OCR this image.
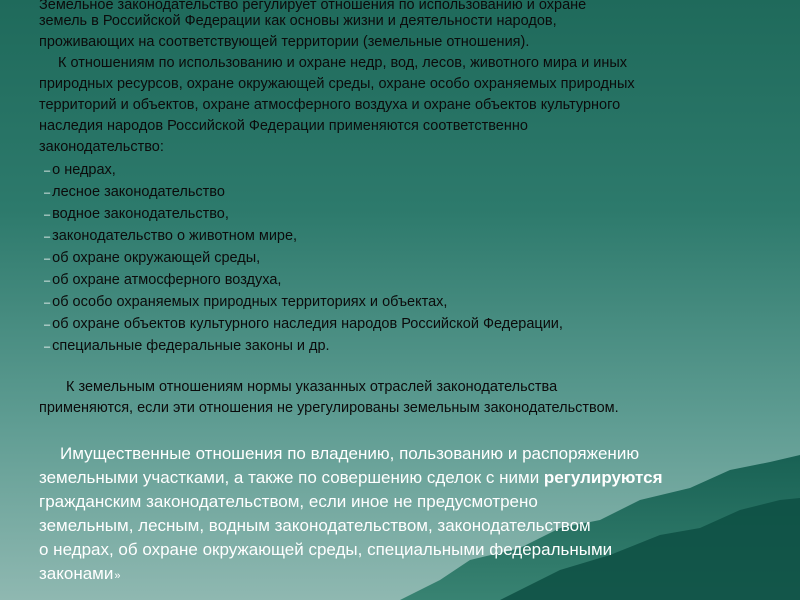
Земельное законодательство регулирует отношения по использованию и охране
земель в Российской Федерации как основы жизни и деятельности народов,
проживающих на соответствующей территории (земельные отношения).
К отношениям по использованию и охране недр, вод, лесов, животного мира и иных
природных ресурсов, охране окружающей среды, охране особо охраняемых природных
территорий и объектов, охране атмосферного воздуха и охране объектов культурного
наследия народов Российской Федерации применяются соответственно
законодательство:
– о недрах,
– лесное законодательство
– водное законодательство,
– законодательство о животном мире,
– об охране окружающей среды,
– об охране атмосферного воздуха,
– об особо охраняемых природных территориях и объектах,
– об охране объектов культурного наследия народов Российской Федерации,
– специальные федеральные законы и др.
К земельным отношениям нормы указанных отраслей законодательства
применяются, если эти отношения не урегулированы земельным законодательством.
Имущественные отношения по владению, пользованию и распоряжению
земельными участками, а также по совершению сделок с ними регулируются
гражданским законодательством, если иное не предусмотрено
земельным, лесным, водным законодательством, законодательством
о недрах, об охране окружающей среды, специальными федеральными
законами»
